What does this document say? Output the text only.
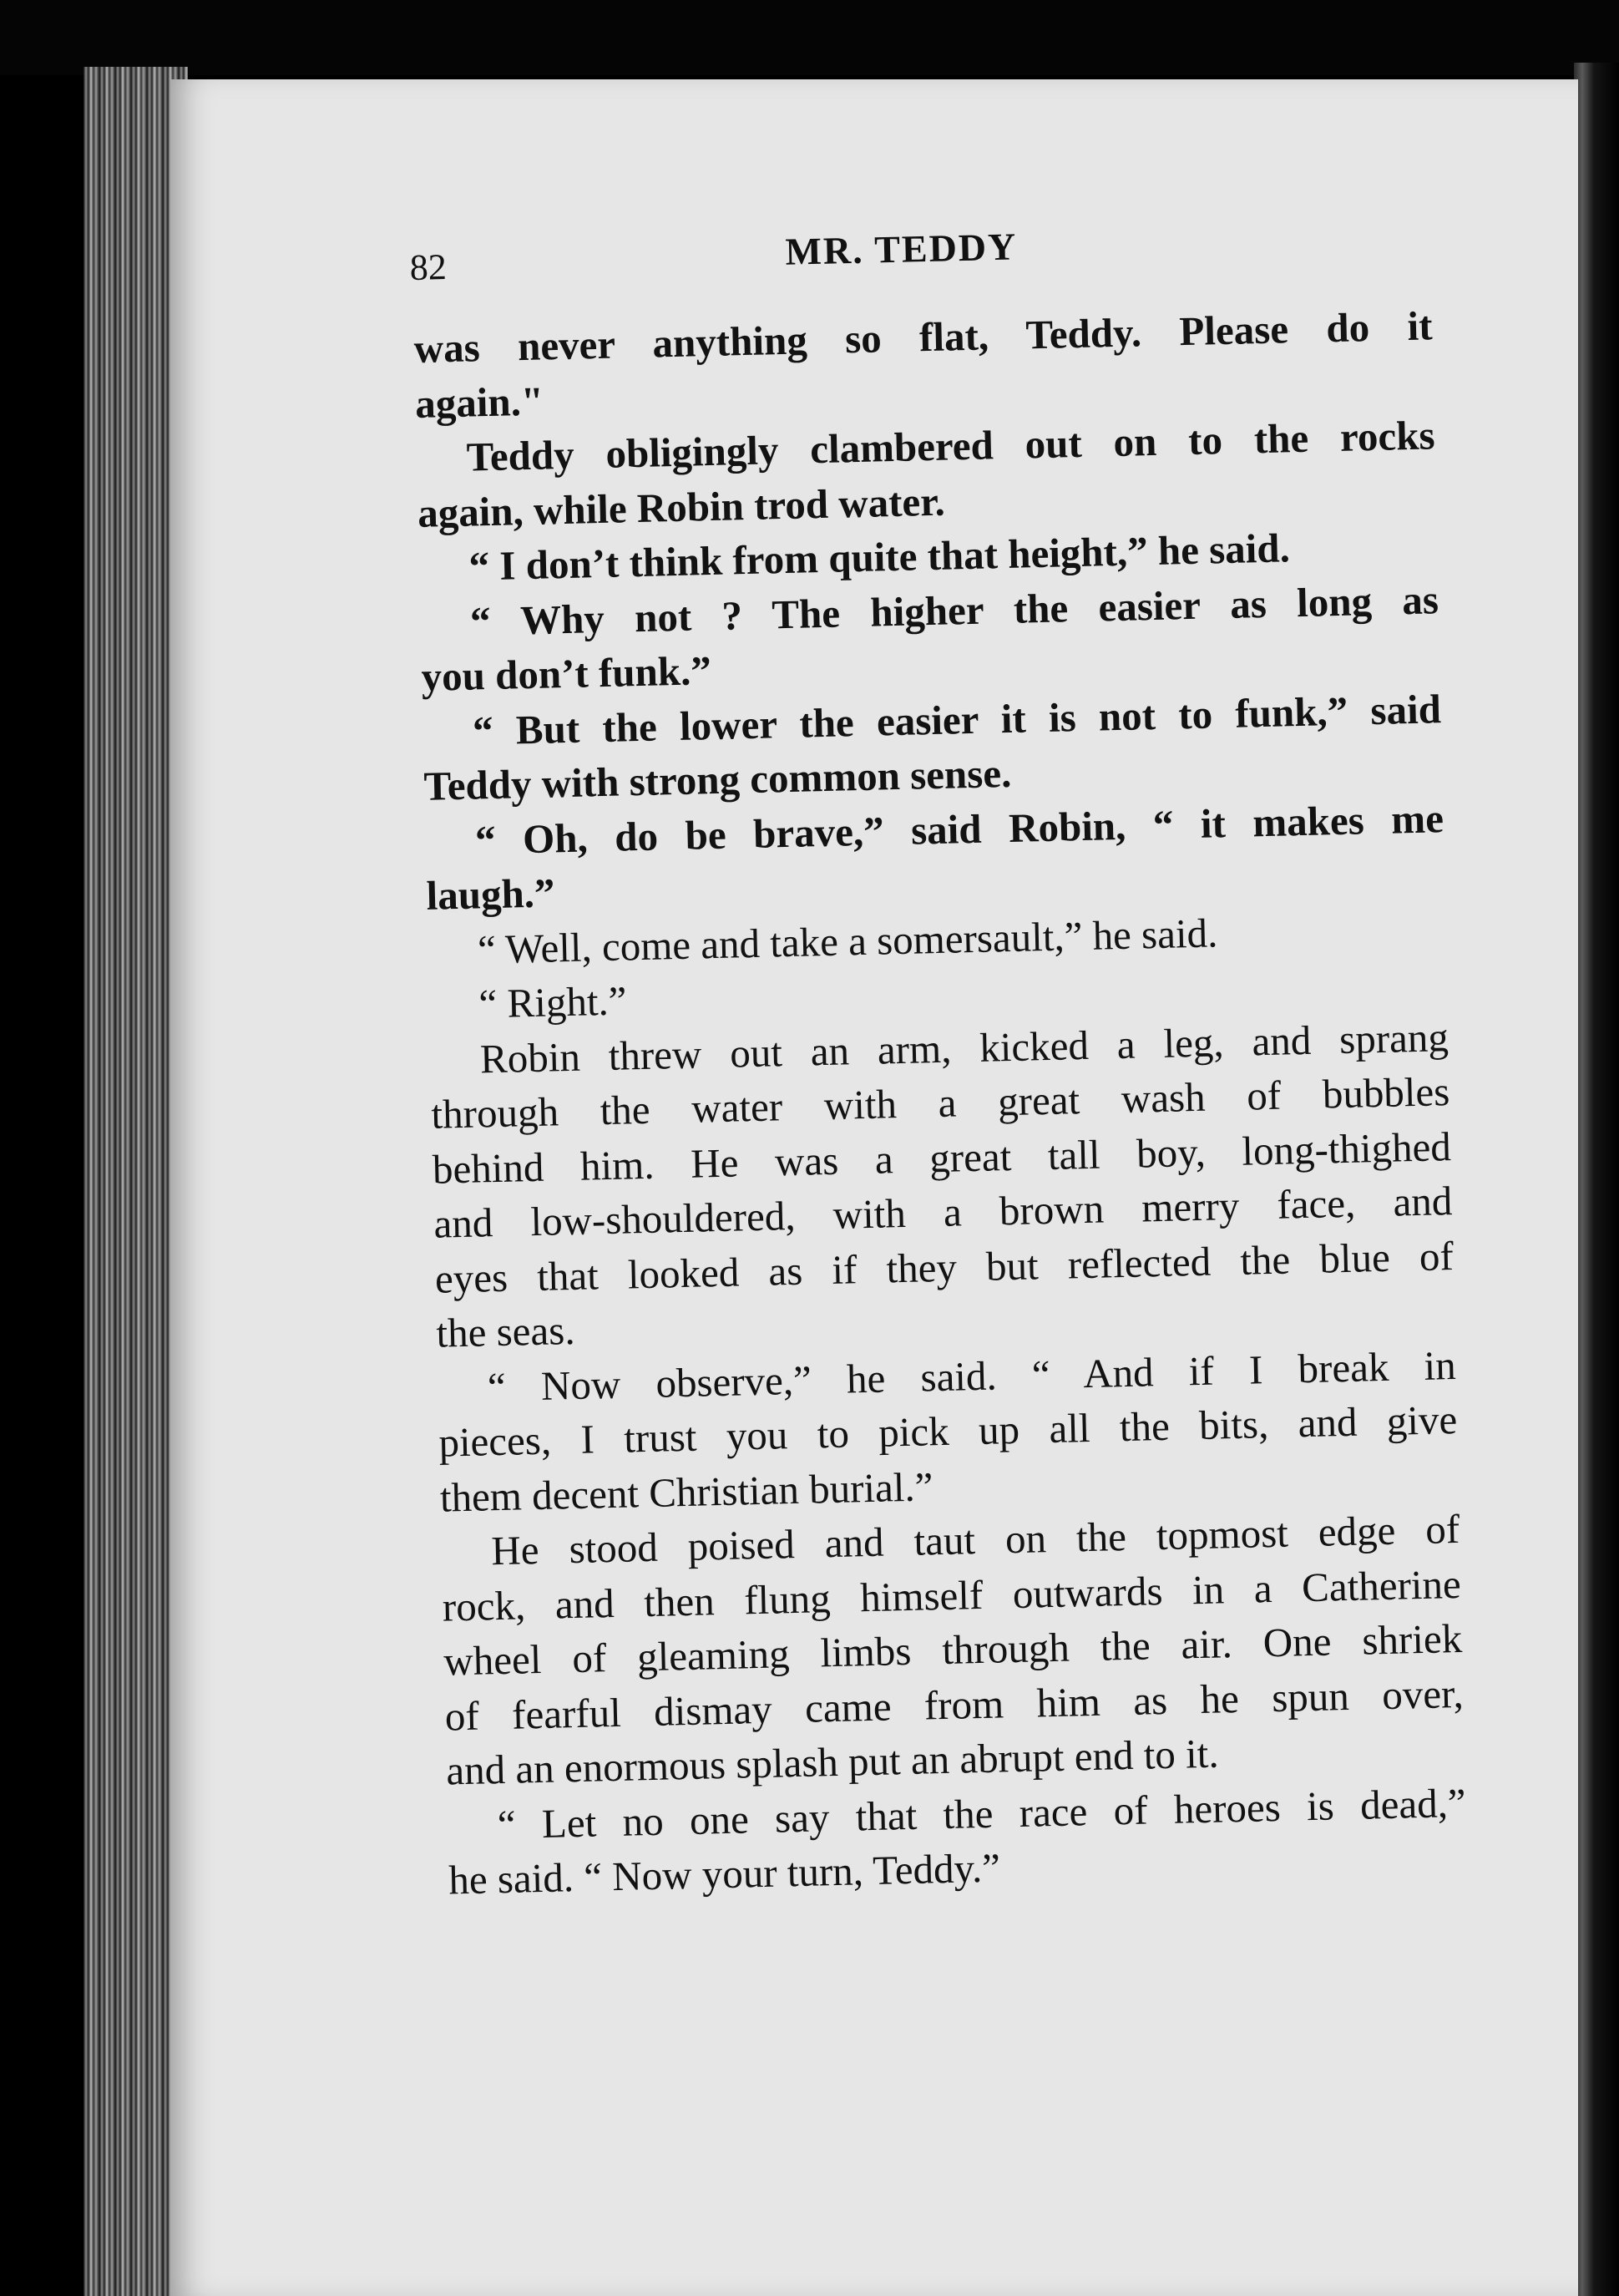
82	MR. TEDDY
was never anything so flat, Teddy. Please do it
again."
Teddy obligingly clambered out on to the rocks
again, while Robin trod water.
“ I don’t think from quite that height,” he said.
“ Why not ? The higher the easier as long as
you don’t funk.”
“ But the lower the easier it is not to funk,” said
Teddy with strong common sense.
“ Oh, do be brave,” said Robin, “ it makes me
laugh.”
“ Well, come and take a somersault,” he said.
“ Right.”
Robin threw out an arm, kicked a leg, and sprang
through the water with a great wash of bubbles
behind him. He was a great tall boy, long-thighed
and low-shouldered, with a brown merry face, and
eyes that looked as if they but reflected the blue of
the seas.
“ Now observe,” he said. “ And if I break in
pieces, I trust you to pick up all the bits, and give
them decent Christian burial.”
He stood poised and taut on the topmost edge of
rock, and then flung himself outwards in a Catherine
wheel of gleaming limbs through the air. One shriek
of fearful dismay came from him as he spun over,
and an enormous splash put an abrupt end to it.
“ Let no one say that the race of heroes is dead,”
he said. “ Now your turn, Teddy.”
